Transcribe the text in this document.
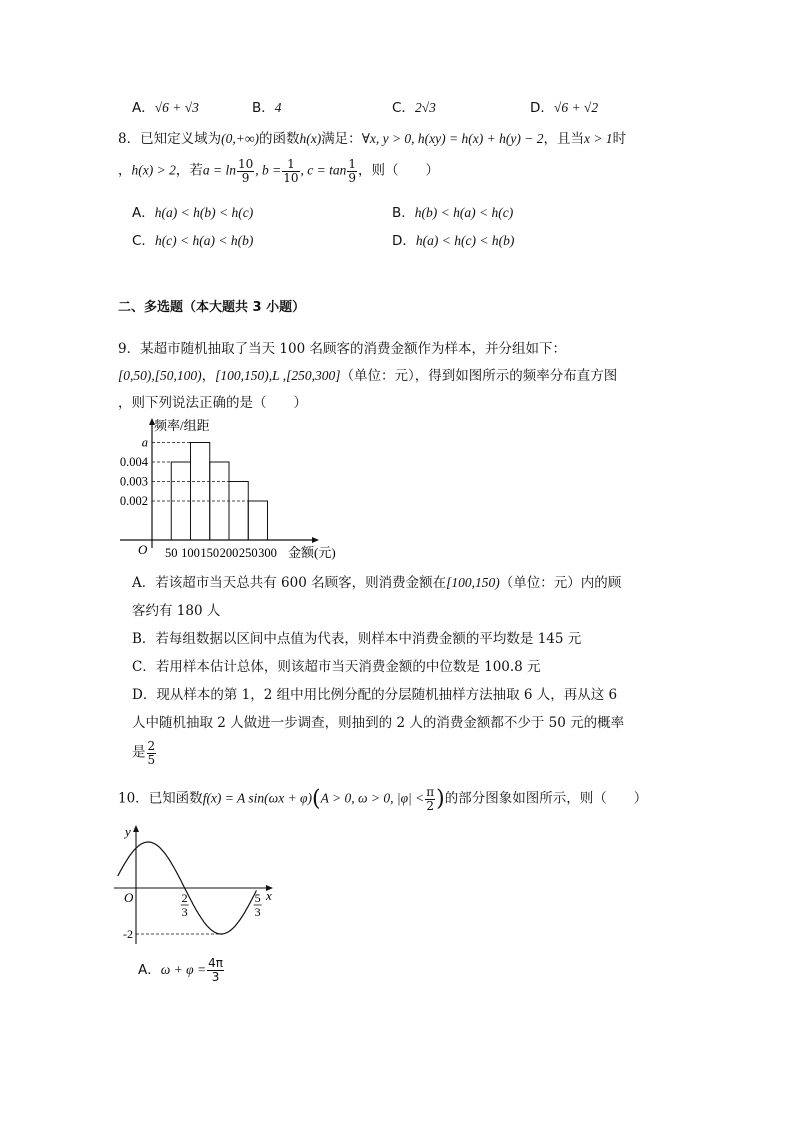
A．√6 + √3	B．4	C．2√3	D．√6 + √2
8．已知定义域为(0,+∞)的函数h(x)满足：∀x, y > 0, h(xy) = h(x) + h(y) − 2，且当x > 1时
，h(x) > 2，若$a = \ln \frac{10}{9}$ , $b = \frac{1}{10}$ , $c = \tan \frac{1}{9}$ ，则（　　）
A．h(a) < h(b) < h(c)	B．h(b) < h(a) < h(c)
C．h(c) < h(a) < h(b)	D．h(a) < h(c) < h(b)
二、多选题（本大题共 3 小题）
9．某超市随机抽取了当天 100 名顾客的消费金额作为样本，并分组如下：
[0,50),[50,100)，[100,150),L ,[250,300]（单位：元），得到如图所示的频率分布直方图
，则下列说法正确的是（　　）
频率/组距
金额(元)
O
a
0.004
0.003
0.002
50 100 150 200 250 300
A．若该超市当天总共有 600 名顾客，则消费金额在[100,150)（单位：元）内的顾
客约有 180 人
B．若每组数据以区间中点值为代表，则样本中消费金额的平均数是 145 元
C．若用样本估计总体，则该超市当天消费金额的中位数是 100.8 元
D．现从样本的第 1，2 组中用比例分配的分层随机抽样方法抽取 6 人，再从这 6
人中随机抽取 2 人做进一步调查，则抽到的 2 人的消费金额都不少于 50 元的概率
是 $\frac{2}{5}$
10．已知函数f(x) = A sin(ωx + φ)(A > 0, ω > 0, $|\varphi| < \frac{\pi}{2}$ )的部分图象如图所示，则（　　）
y
x
O
-2
2
3
5
3
A．$\omega + \varphi = \frac{4\pi}{3}$
